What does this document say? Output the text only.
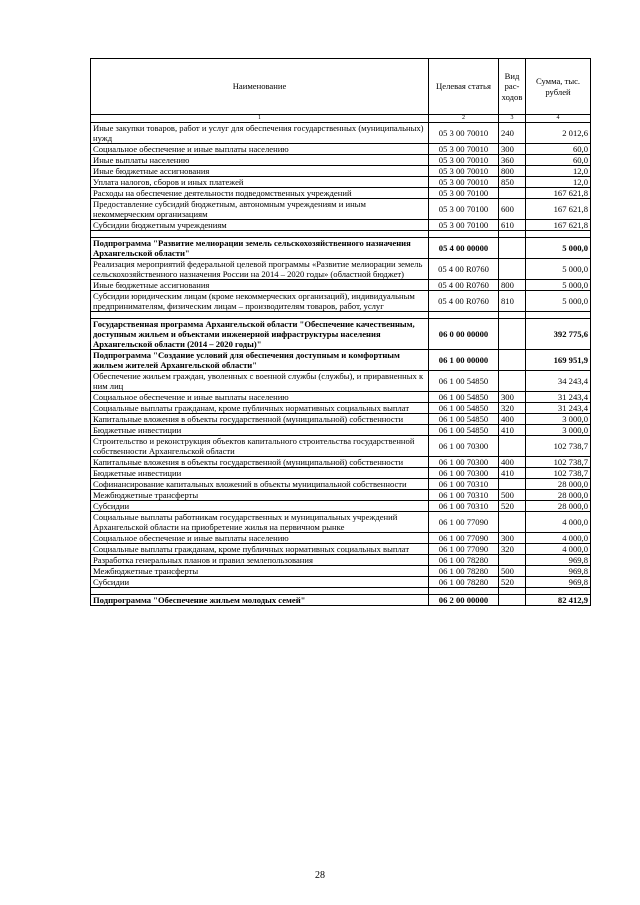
Наименование	Целевая статья	Вид рас-ходов	Сумма, тыс. рублей
1	2	3	4
Иные закупки товаров, работ и услуг для обеспечения государственных (муниципальных) нужд	05 3 00 70010	240	2 012,6
Социальное обеспечение и иные выплаты населению	05 3 00 70010	300	60,0
Иные выплаты населению	05 3 00 70010	360	60,0
Иные бюджетные ассигнования	05 3 00 70010	800	12,0
Уплата налогов, сборов и иных платежей	05 3 00 70010	850	12,0
Расходы на обеспечение деятельности подведомственных учреждений	05 3 00 70100		167 621,8
Предоставление субсидий бюджетным, автономным учреждениям и иным некоммерческим организациям	05 3 00 70100	600	167 621,8
Субсидии бюджетным учреждениям	05 3 00 70100	610	167 621,8

Подпрограмма "Развитие мелиорации земель сельскохозяйственного назначения Архангельской области"	05 4 00 00000		5 000,0
Реализация мероприятий федеральной целевой программы «Развитие мелиорации земель сельскохозяйственного назначения России на 2014 – 2020 годы» (областной бюджет)	05 4 00 R0760		5 000,0
Иные бюджетные ассигнования	05 4 00 R0760	800	5 000,0
Субсидии юридическим лицам (кроме некоммерческих организаций), индивидуальным предпринимателям, физическим лицам – производителям товаров, работ, услуг	05 4 00 R0760	810	5 000,0

Государственная программа Архангельской области "Обеспечение качественным, доступным жильем и объектами инженерной инфраструктуры населения Архангельской области (2014 – 2020 годы)"	06 0 00 00000		392 775,6
Подпрограмма "Создание условий для обеспечения доступным и комфортным жильем жителей Архангельской области"	06 1 00 00000		169 951,9
Обеспечение жильем граждан, уволенных с военной службы (службы), и приравненных к ним лиц	06 1 00 54850		34 243,4
Социальное обеспечение и иные выплаты населению	06 1 00 54850	300	31 243,4
Социальные выплаты гражданам, кроме публичных нормативных социальных выплат	06 1 00 54850	320	31 243,4
Капитальные вложения в объекты государственной (муниципальной) собственности	06 1 00 54850	400	3 000,0
Бюджетные инвестиции	06 1 00 54850	410	3 000,0
Строительство и реконструкция объектов капитального строительства государственной собственности Архангельской области	06 1 00 70300		102 738,7
Капитальные вложения в объекты государственной (муниципальной) собственности	06 1 00 70300	400	102 738,7
Бюджетные инвестиции	06 1 00 70300	410	102 738,7
Софинансирование капитальных вложений в объекты муниципальной собственности	06 1 00 70310		28 000,0
Межбюджетные трансферты	06 1 00 70310	500	28 000,0
Субсидии	06 1 00 70310	520	28 000,0
Социальные выплаты работникам государственных и муниципальных учреждений Архангельской области на приобретение жилья на первичном рынке	06 1 00 77090		4 000,0
Социальное обеспечение и иные выплаты населению	06 1 00 77090	300	4 000,0
Социальные выплаты гражданам, кроме публичных нормативных социальных выплат	06 1 00 77090	320	4 000,0
Разработка генеральных планов и правил землепользования	06 1 00 78280		969,8
Межбюджетные трансферты	06 1 00 78280	500	969,8
Субсидии	06 1 00 78280	520	969,8

Подпрограмма "Обеспечение жильем молодых семей"	06 2 00 00000		82 412,9
28
